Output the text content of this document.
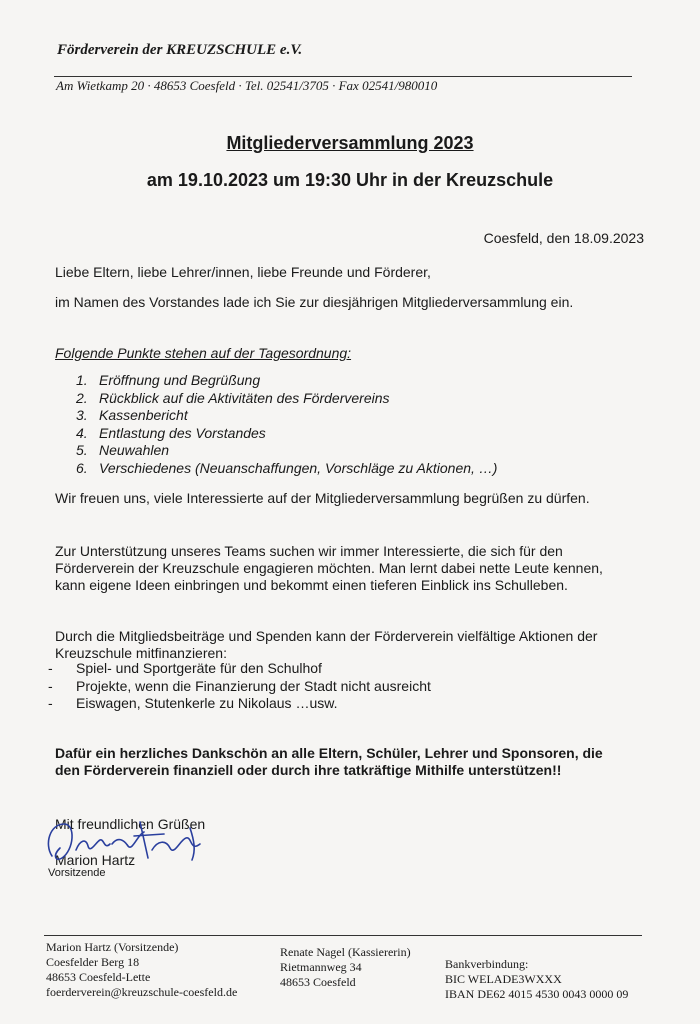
Förderverein der KREUZSCHULE e.V.
Am Wietkamp 20 · 48653 Coesfeld · Tel. 02541/3705 · Fax 02541/980010
Mitgliederversammlung 2023
am 19.10.2023 um 19:30 Uhr in der Kreuzschule
Coesfeld, den 18.09.2023
Liebe Eltern, liebe Lehrer/innen, liebe Freunde und Förderer,
im Namen des Vorstandes lade ich Sie zur diesjährigen Mitgliederversammlung ein.
Folgende Punkte stehen auf der Tagesordnung:
1. Eröffnung und Begrüßung
2. Rückblick auf die Aktivitäten des Fördervereins
3. Kassenbericht
4. Entlastung des Vorstandes
5. Neuwahlen
6. Verschiedenes (Neuanschaffungen, Vorschläge zu Aktionen, …)
Wir freuen uns, viele Interessierte auf der Mitgliederversammlung begrüßen zu dürfen.
Zur Unterstützung unseres Teams suchen wir immer Interessierte, die sich für den
Förderverein der Kreuzschule engagieren möchten. Man lernt dabei nette Leute kennen,
kann eigene Ideen einbringen und bekommt einen tieferen Einblick ins Schulleben.
Durch die Mitgliedsbeiträge und Spenden kann der Förderverein vielfältige Aktionen der
Kreuzschule mitfinanzieren:
- Spiel- und Sportgeräte für den Schulhof
- Projekte, wenn die Finanzierung der Stadt nicht ausreicht
- Eiswagen, Stutenkerle zu Nikolaus …usw.
Dafür ein herzliches Dankschön an alle Eltern, Schüler, Lehrer und Sponsoren, die
den Förderverein finanziell oder durch ihre tatkräftige Mithilfe unterstützen!!
Mit freundlichen Grüßen
Marion Hartz
Vorsitzende
Marion Hartz (Vorsitzende)
Coesfelder Berg 18
48653 Coesfeld-Lette
foerderverein@kreuzschule-coesfeld.de
Renate Nagel (Kassiererin)
Rietmannweg 34
48653 Coesfeld
Bankverbindung:
BIC WELADE3WXXX
IBAN DE62 4015 4530 0043 0000 09
